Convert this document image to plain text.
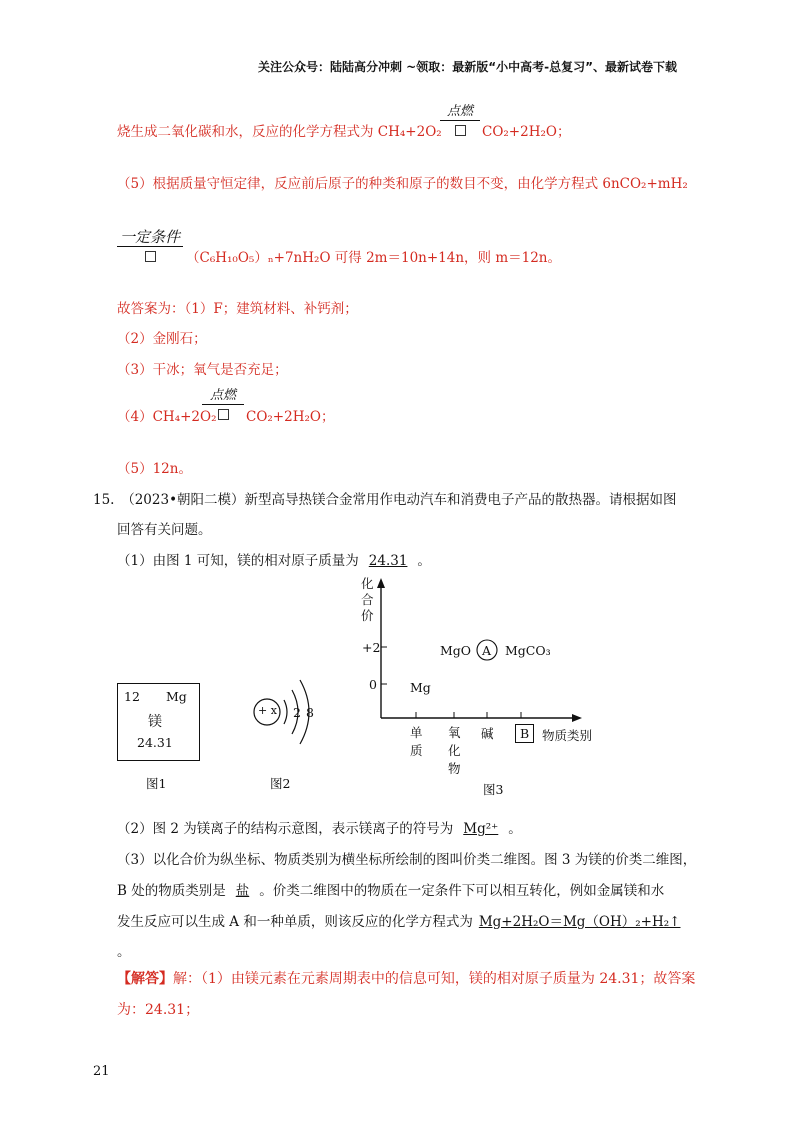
关注公众号：陆陆高分冲刺 ~领取：最新版“小中高考-总复习”、最新试卷下载
烧生成二氧化碳和水，反应的化学方程式为 CH₄+2O₂
点燃
CO₂+2H₂O；
（5）根据质量守恒定律，反应前后原子的种类和原子的数目不变，由化学方程式 6nCO₂+mH₂
一定条件
（C₆H₁₀O₅）ₙ+7nH₂O 可得 2m＝10n+14n，则 m＝12n。
故答案为：（1）F；建筑材料、补钙剂；
（2）金刚石；
（3）干冰；氧气是否充足；
（4）CH₄+2O₂
点燃
CO₂+2H₂O；
（5）12n。
15.　（2023•朝阳二模）新型高导热镁合金常用作电动汽车和消费电子产品的散热器。请根据如图
回答有关问题。
（1）由图 1 可知，镁的相对原子质量为 24.31 。
12 Mg
镁
24.31
图1
+ x 2 8
图2
化
合
价
+2
0	Mg
MgO A MgCO₃
单
质
氧
化
物
碱	B	物质类别
图3
（2）图 2 为镁离子的结构示意图，表示镁离子的符号为 Mg²⁺ 。
（3）以化合价为纵坐标、物质类别为横坐标所绘制的图叫价类二维图。图 3 为镁的价类二维图，
B 处的物质类别是 盐 。价类二维图中的物质在一定条件下可以相互转化，例如金属镁和水
发生反应可以生成 A 和一种单质，则该反应的化学方程式为 Mg+2H₂O＝Mg（OH）₂+H₂↑
。
【解答】解：（1）由镁元素在元素周期表中的信息可知，镁的相对原子质量为 24.31；故答案
为：24.31；
21
